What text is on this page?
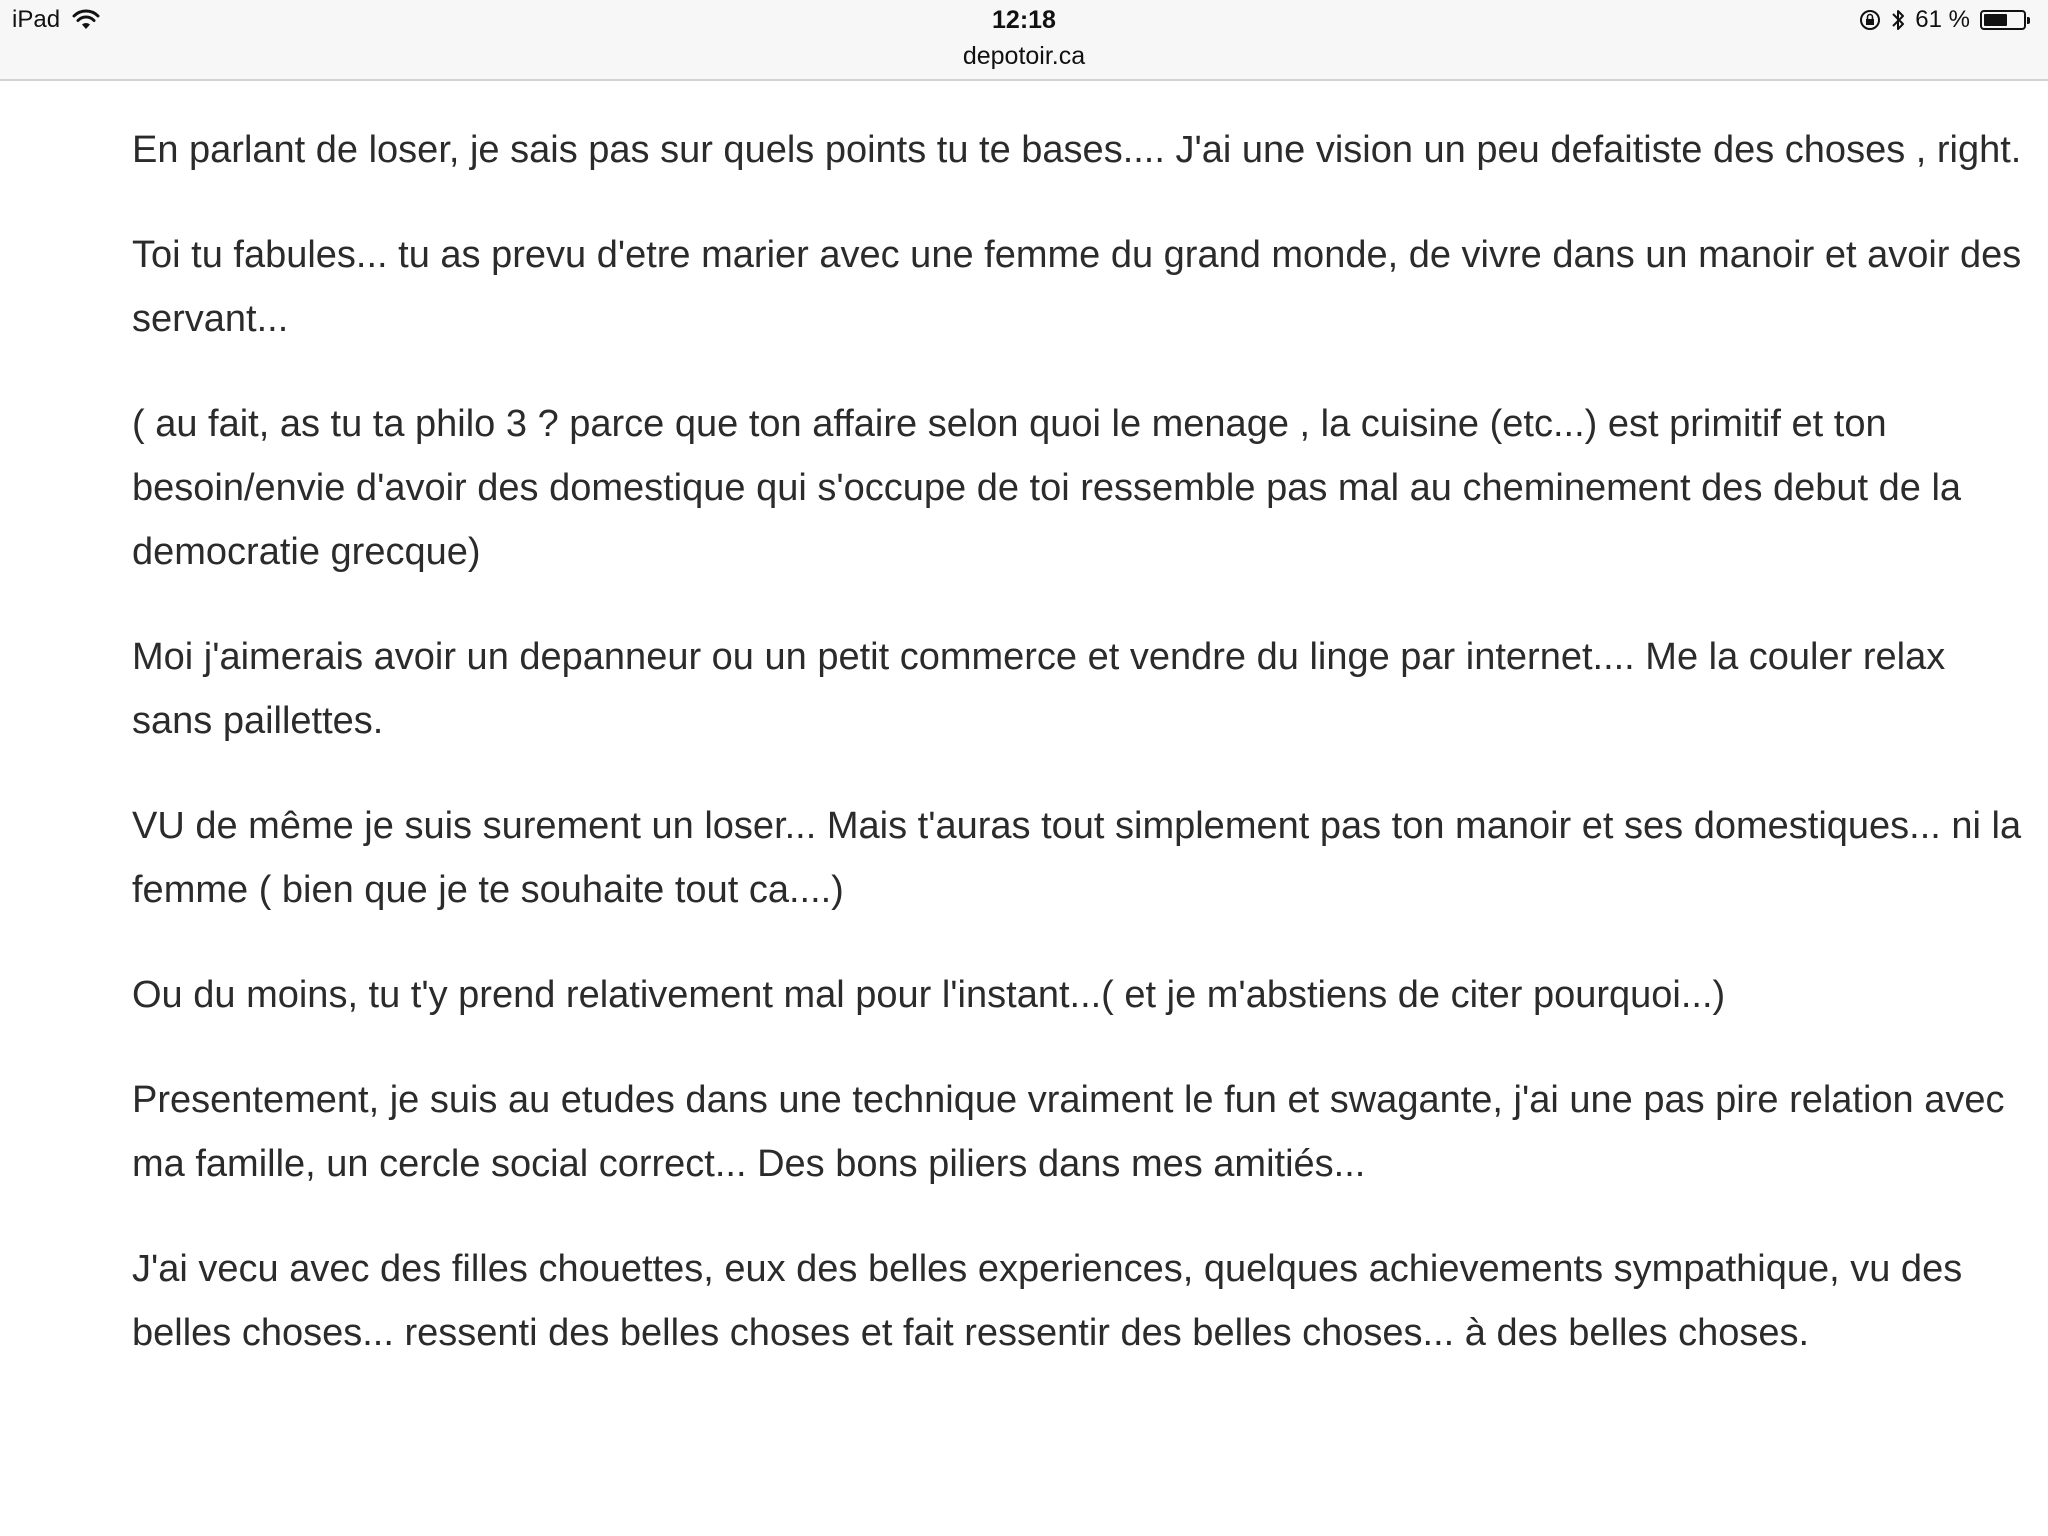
iPad	12:18
depotoir.ca
61 %

En parlant de loser, je sais pas sur quels points tu te bases.... J'ai une vision un peu defaitiste des choses , right.

Toi tu fabules... tu as prevu d'etre marier avec une femme du grand monde, de vivre dans un manoir et avoir des servant...

( au fait, as tu ta philo 3 ? parce que ton affaire selon quoi le menage , la cuisine (etc...) est primitif et ton besoin/envie d'avoir des domestique qui s'occupe de toi ressemble pas mal au cheminement des debut de la democratie grecque)

Moi j'aimerais avoir un depanneur ou un petit commerce et vendre du linge par internet.... Me la couler relax sans paillettes.

VU de même je suis surement un loser... Mais t'auras tout simplement pas ton manoir et ses domestiques... ni la femme ( bien que je te souhaite tout ca....)

Ou du moins, tu t'y prend relativement mal pour l'instant...( et je m'abstiens de citer pourquoi...)

Presentement, je suis au etudes dans une technique vraiment le fun et swagante, j'ai une pas pire relation avec ma famille, un cercle social correct... Des bons piliers dans mes amitiés...

J'ai vecu avec des filles chouettes, eux des belles experiences, quelques achievements sympathique, vu des belles choses... ressenti des belles choses et fait ressentir des belles choses... à des belles choses.
